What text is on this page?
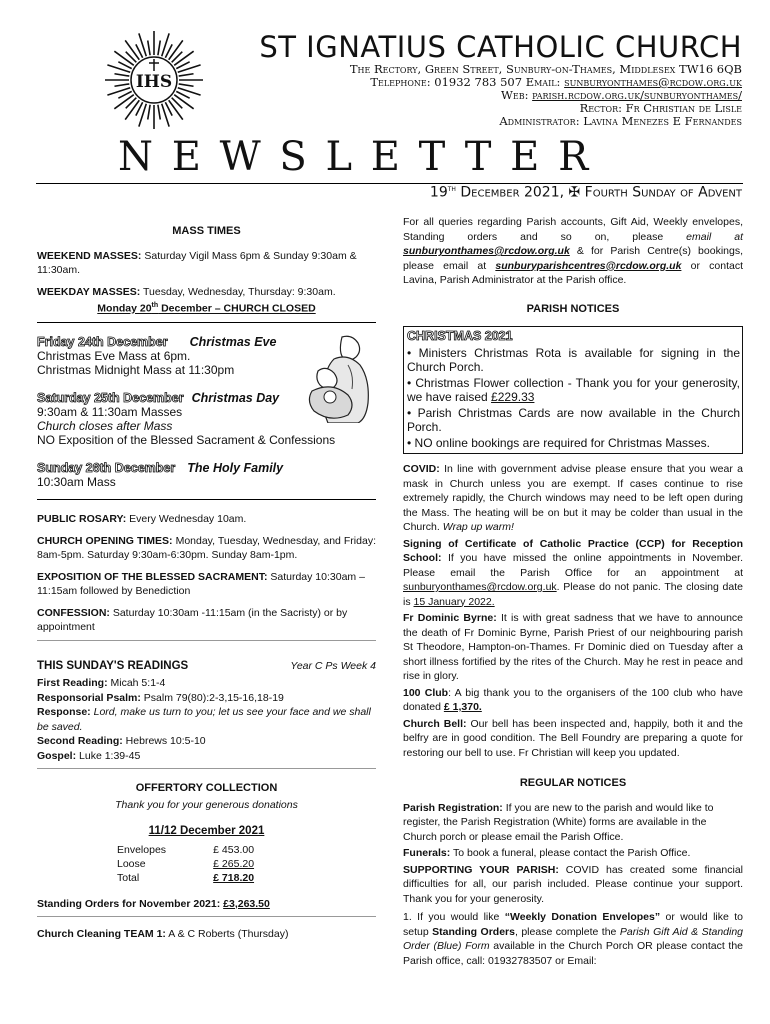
IHS
ST IGNATIUS CATHOLIC CHURCH
The Rectory, Green Street, Sunbury-on-Thames, Middlesex TW16 6QB
Telephone: 01932 783 507 Email: sunburyonthames@rcdow.org.uk
Web: parish.rcdow.org.uk/sunburyonthames/
Rector: Fr Christian de Lisle
Administrator: Lavina Menezes E Fernandes
NEWSLETTER
19th December 2021, ✠ Fourth Sunday of Advent
MASS TIMES

WEEKEND MASSES: Saturday Vigil Mass 6pm & Sunday 9:30am & 11:30am.

WEEKDAY MASSES: Tuesday, Wednesday, Thursday: 9:30am.

Monday 20th December – CHURCH CLOSED
Friday 24th December Christmas Eve
Christmas Eve Mass at 6pm.
Christmas Midnight Mass at 11:30pm
Saturday 25th December Christmas Day
9:30am & 11:30am Masses
Church closes after Mass
NO Exposition of the Blessed Sacrament & Confessions
Sunday 26th December The Holy Family
10:30am Mass

PUBLIC ROSARY: Every Wednesday 10am.

CHURCH OPENING TIMES: Monday, Tuesday, Wednesday, and Friday: 8am-5pm. Saturday 9:30am-6:30pm. Sunday 8am-1pm.

EXPOSITION OF THE BLESSED SACRAMENT: Saturday 10:30am – 11:15am followed by Benediction

CONFESSION: Saturday 10:30am -11:15am (in the Sacristy) or by appointment

THIS SUNDAY'S READINGS	Year C Ps Week 4
First Reading: Micah 5:1-4
Responsorial Psalm: Psalm 79(80):2-3,15-16,18-19
Response: Lord, make us turn to you; let us see your face and we shall be saved.
Second Reading: Hebrews 10:5-10
Gospel: Luke 1:39-45
OFFERTORY COLLECTION
Thank you for your generous donations
11/12 December 2021
Envelopes	£ 453.00
Loose	£ 265.20
Total	£ 718.20
Standing Orders for November 2021: £3,263.50
Church Cleaning TEAM 1: A & C Roberts (Thursday)

For all queries regarding Parish accounts, Gift Aid, Weekly envelopes, Standing orders and so on, please email at sunburyonthames@rcdow.org.uk & for Parish Centre(s) bookings, please email at sunburyparishcentres@rcdow.org.uk or contact Lavina, Parish Administrator at the Parish office.

PARISH NOTICES
CHRISTMAS 2021
• Ministers Christmas Rota is available for signing in the Church Porch.
• Christmas Flower collection - Thank you for your generosity, we have raised £229.33
• Parish Christmas Cards are now available in the Church Porch.
• NO online bookings are required for Christmas Masses.

COVID: In line with government advise please ensure that you wear a mask in Church unless you are exempt. If cases continue to rise extremely rapidly, the Church windows may need to be left open during the Mass. The heating will be on but it may be colder than usual in the Church. Wrap up warm!

Signing of Certificate of Catholic Practice (CCP) for Reception School: If you have missed the online appointments in November. Please email the Parish Office for an appointment at sunburyonthames@rcdow.org.uk. Please do not panic. The closing date is 15 January 2022.

Fr Dominic Byrne: It is with great sadness that we have to announce the death of Fr Dominic Byrne, Parish Priest of our neighbouring parish St Theodore, Hampton-on-Thames. Fr Dominic died on Tuesday after a short illness fortified by the rites of the Church. May he rest in peace and rise in glory.

100 Club: A big thank you to the organisers of the 100 club who have donated £ 1,370.

Church Bell: Our bell has been inspected and, happily, both it and the belfry are in good condition. The Bell Foundry are preparing a quote for restoring our bell to use. Fr Christian will keep you updated.

REGULAR NOTICES

Parish Registration: If you are new to the parish and would like to register, the Parish Registration (White) forms are available in the Church porch or please email the Parish Office.

Funerals: To book a funeral, please contact the Parish Office.

SUPPORTING YOUR PARISH: COVID has created some financial difficulties for all, our parish included. Please continue your support. Thank you for your generosity.

1. If you would like “Weekly Donation Envelopes” or would like to setup Standing Orders, please complete the Parish Gift Aid & Standing Order (Blue) Form available in the Church Porch OR please contact the Parish office, call: 01932783507 or Email:
